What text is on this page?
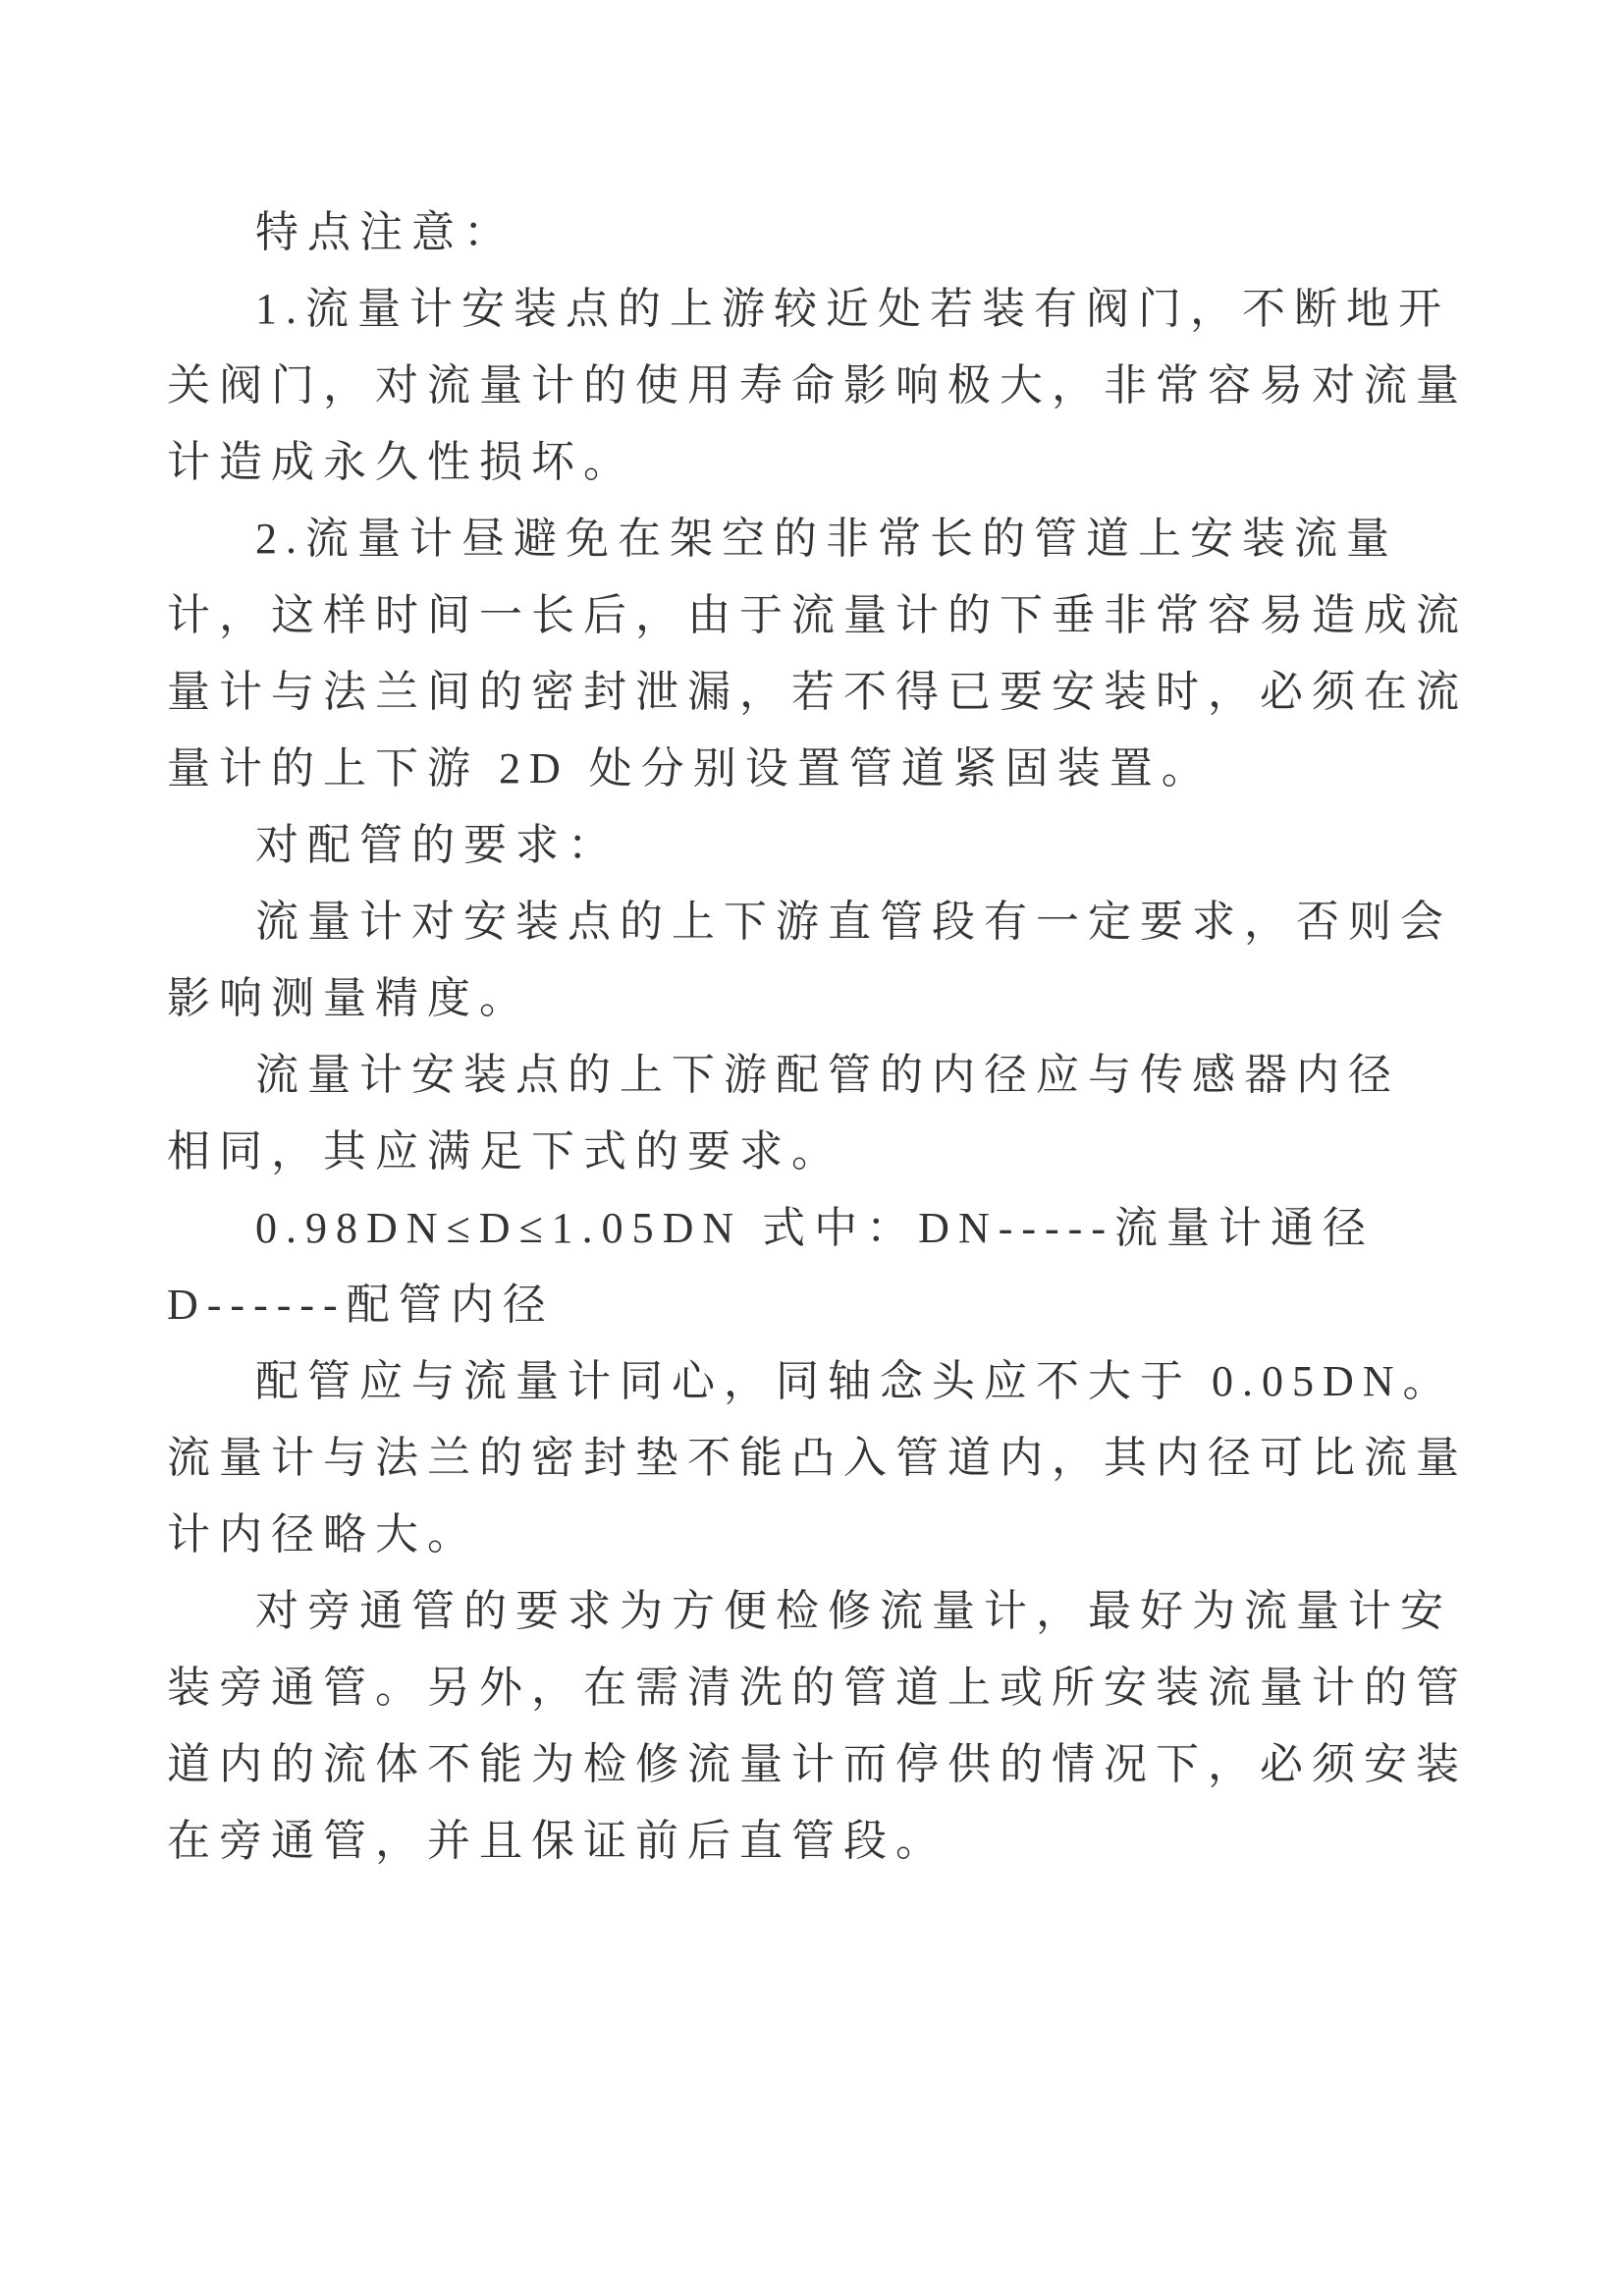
特点注意：
1.流量计安装点的上游较近处若装有阀门，不断地开
关阀门，对流量计的使用寿命影响极大，非常容易对流量
计造成永久性损坏。
2.流量计昼避免在架空的非常长的管道上安装流量
计，这样时间一长后，由于流量计的下垂非常容易造成流
量计与法兰间的密封泄漏，若不得已要安装时，必须在流
量计的上下游 2D 处分别设置管道紧固装置。
对配管的要求：
流量计对安装点的上下游直管段有一定要求，否则会
影响测量精度。
流量计安装点的上下游配管的内径应与传感器内径
相同，其应满足下式的要求。
0.98DN≤D≤1.05DN 式中：DN-----流量计通径
D------配管内径
配管应与流量计同心，同轴念头应不大于 0.05DN。
流量计与法兰的密封垫不能凸入管道内，其内径可比流量
计内径略大。
对旁通管的要求为方便检修流量计，最好为流量计安
装旁通管。另外，在需清洗的管道上或所安装流量计的管
道内的流体不能为检修流量计而停供的情况下，必须安装
在旁通管，并且保证前后直管段。
